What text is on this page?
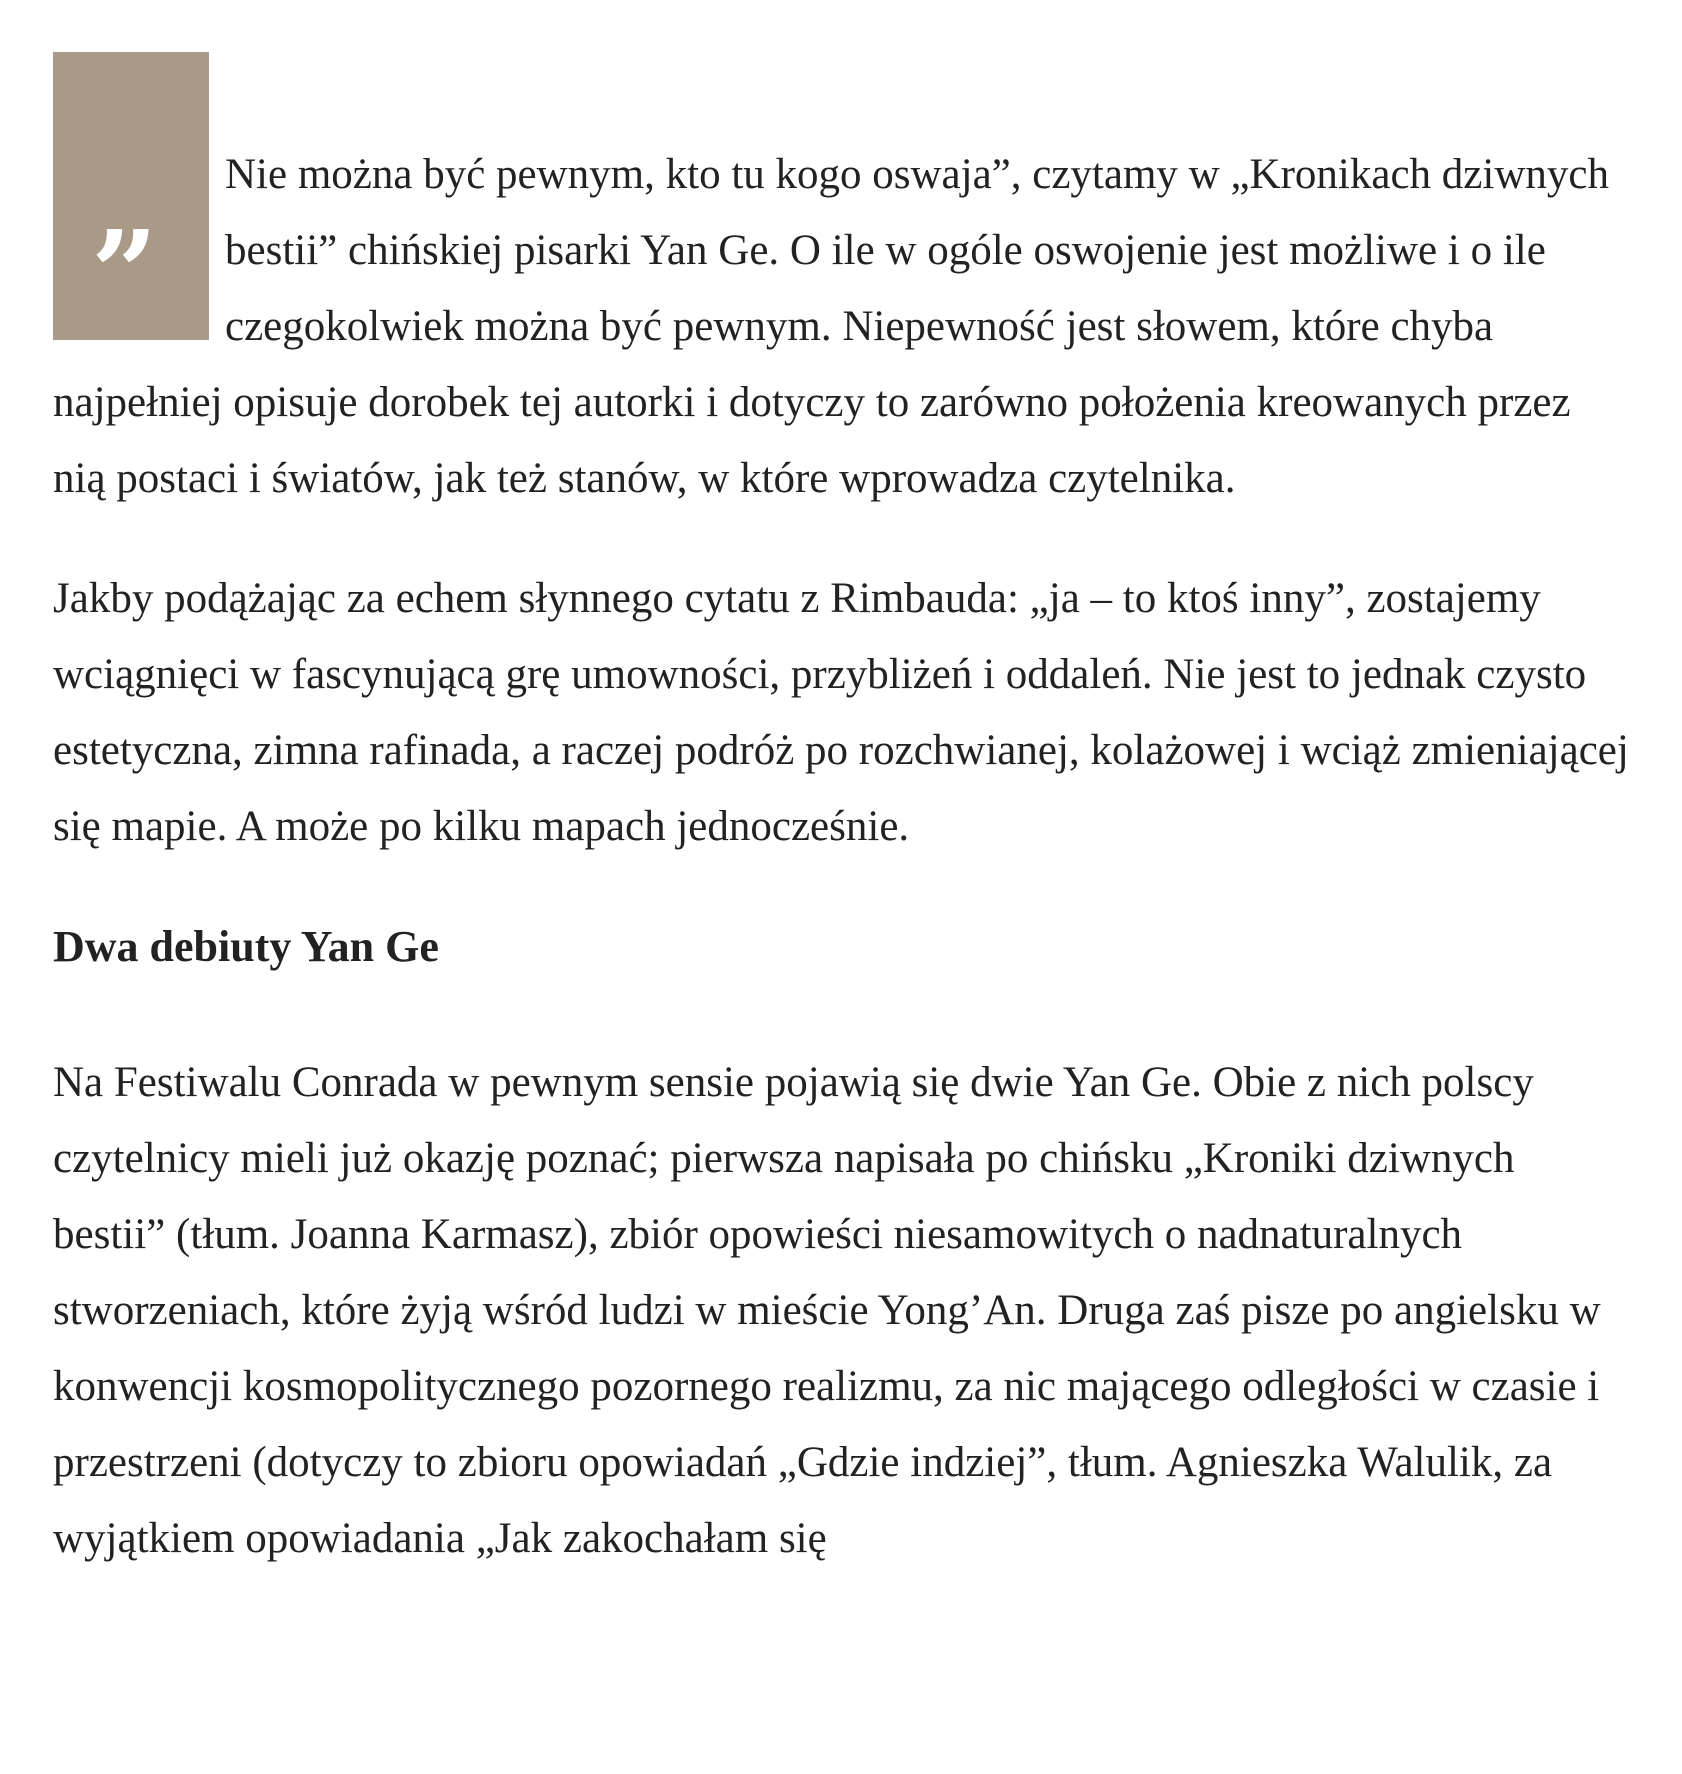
”

Nie można być pewnym, kto tu kogo oswaja”, czytamy w „Kronikach dziwnych bestii” chińskiej pisarki Yan Ge. O ile w ogóle oswojenie jest możliwe i o ile czegokolwiek można być pewnym. Niepewność jest słowem, które chyba najpełniej opisuje dorobek tej autorki i dotyczy to zarówno położenia kreowanych przez nią postaci i światów, jak też stanów, w które wprowadza czytelnika.

Jakby podążając za echem słynnego cytatu z Rimbauda: „ja – to ktoś inny”, zostajemy wciągnięci w fascynującą grę umowności, przybliżeń i oddaleń. Nie jest to jednak czysto estetyczna, zimna rafinada, a raczej podróż po rozchwianej, kolażowej i wciąż zmieniającej się mapie. A może po kilku mapach jednocześnie.

Dwa debiuty Yan Ge

Na Festiwalu Conrada w pewnym sensie pojawią się dwie Yan Ge. Obie z nich polscy czytelnicy mieli już okazję poznać; pierwsza napisała po chińsku „Kroniki dziwnych bestii” (tłum. Joanna Karmasz), zbiór opowieści niesamowitych o nadnaturalnych stworzeniach, które żyją wśród ludzi w mieście Yong’An. Druga zaś pisze po angielsku w konwencji kosmopolitycznego pozornego realizmu, za nic mającego odległości w czasie i przestrzeni (dotyczy to zbioru opowiadań „Gdzie indziej”, tłum. Agnieszka Walulik, za wyjątkiem opowiadania „Jak zakochałam się
